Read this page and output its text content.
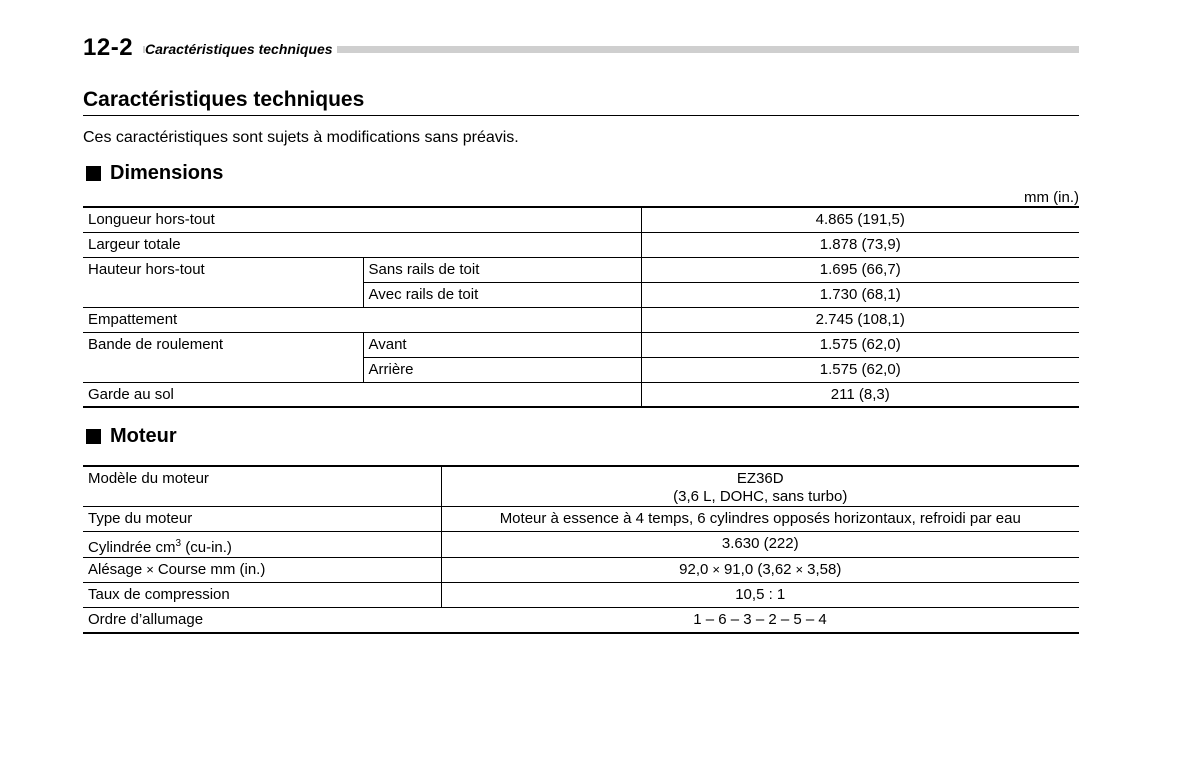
12-2 Caractéristiques techniques
Caractéristiques techniques
Ces caractéristiques sont sujets à modifications sans préavis.
Dimensions
mm (in.)
Longueur hors-tout		4.865 (191,5)
Largeur totale		1.878 (73,9)
Hauteur hors-tout	Sans rails de toit	1.695 (66,7)
	Avec rails de toit	1.730 (68,1)
Empattement		2.745 (108,1)
Bande de roulement	Avant	1.575 (62,0)
	Arrière	1.575 (62,0)
Garde au sol		211 (8,3)
Moteur
Modèle du moteur	EZ36D
(3,6 L, DOHC, sans turbo)

Type du moteur	Moteur à essence à 4 temps, 6 cylindres opposés horizontaux, refroidi par eau
Cylindrée $cm^3$ (cu-in.)	3.630 (222)
Alésage × Course mm (in.)	92,0 × 91,0 (3,62 × 3,58)
Taux de compression	10,5 : 1
Ordre d’allumage	1 – 6 – 3 – 2 – 5 – 4
